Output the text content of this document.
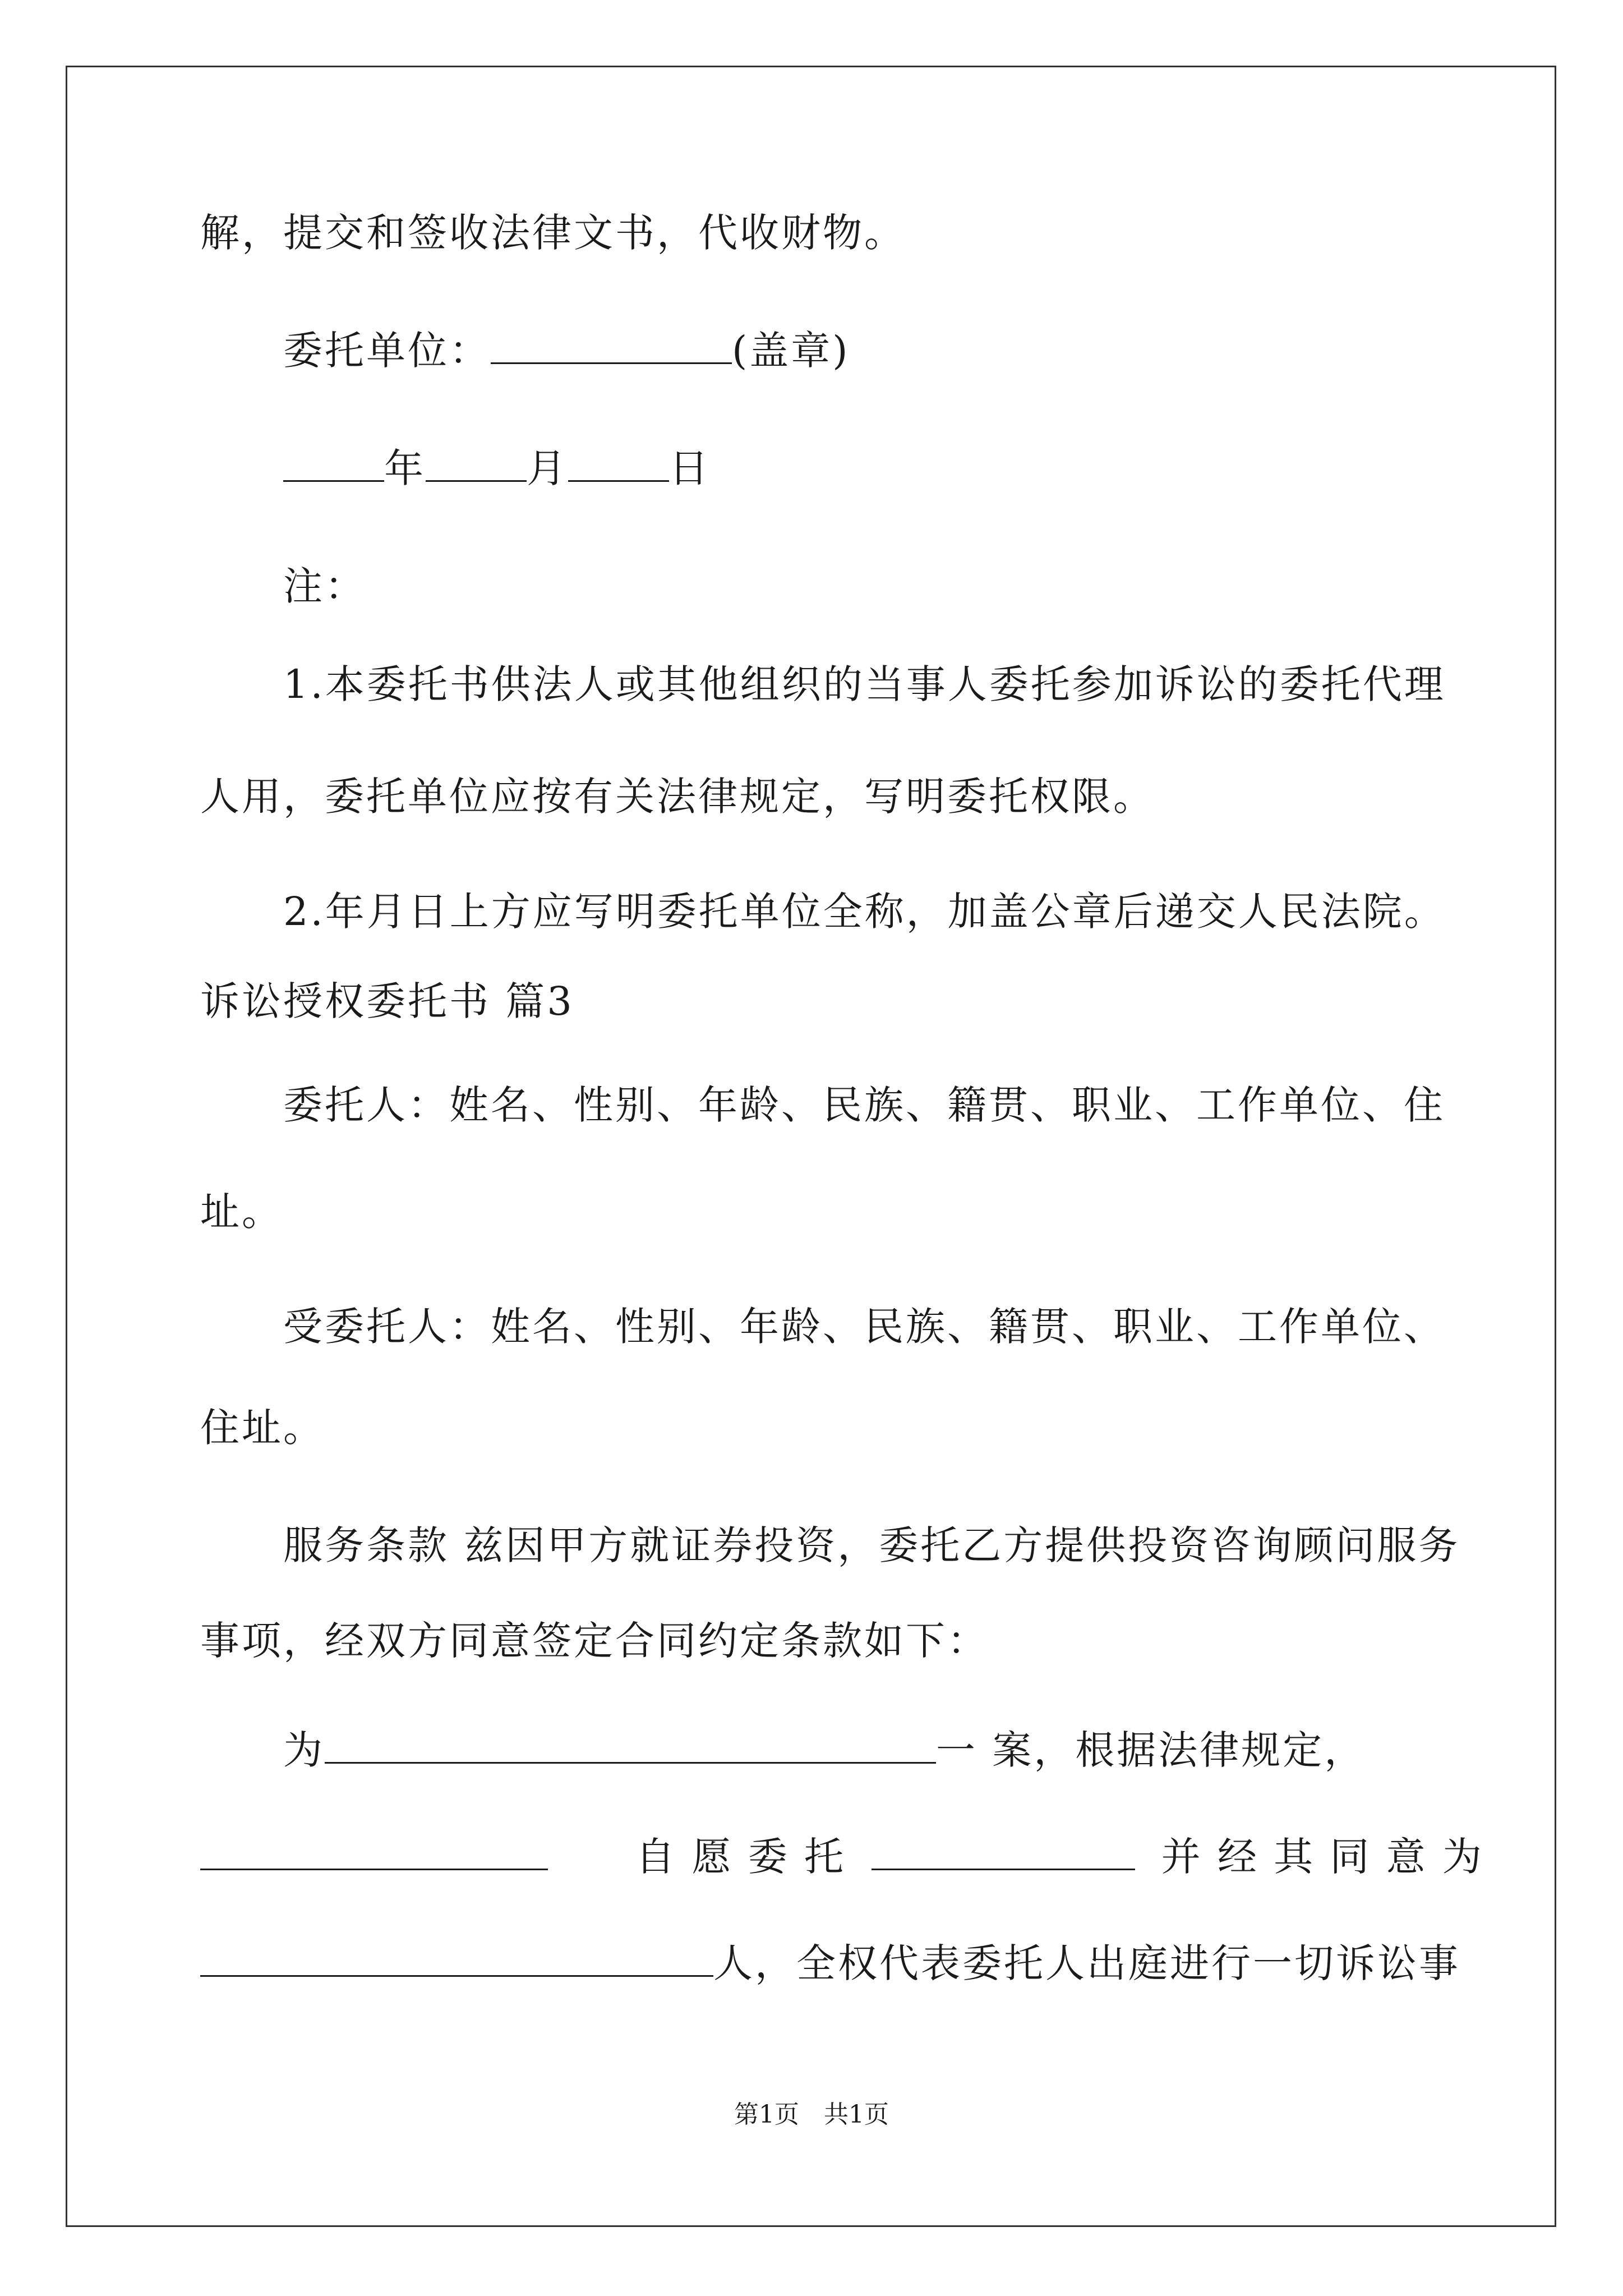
解，提交和签收法律文书，代收财物。
委托单位：	(盖章)
年	月	日
注：
1.本委托书供法人或其他组织的当事人委托参加诉讼的委托代理
人用，委托单位应按有关法律规定，写明委托权限。
2.年月日上方应写明委托单位全称，加盖公章后递交人民法院。
诉讼授权委托书 篇3
委托人：姓名、性别、年龄、民族、籍贯、职业、工作单位、住
址。
受委托人：姓名、性别、年龄、民族、籍贯、职业、工作单位、
住址。
服务条款 兹因甲方就证券投资，委托乙方提供投资咨询顾问服务
事项，经双方同意签定合同约定条款如下：
为	一 案，根据法律规定，
自 愿 委 托	并 经 其 同 意 为
人，全权代表委托人出庭进行一切诉讼事
第1页　共1页
